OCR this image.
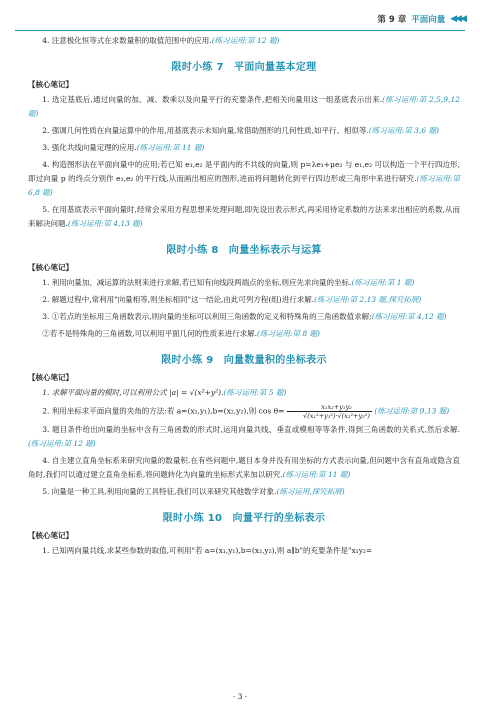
第 9 章 平面向量 ◀◀◀

4. 注意极化恒等式在求数量积的取值范围中的应用.(练习运用:第 12 题)

限时小练 7　平面向量基本定理
【核心笔记】

1. 选定基底后,通过向量的加、减、数乘以及向量平行的充要条件,把相关向量用这一组基底表示出来.(练习运用:第 2,5,9,12 题)

2. 强调几何性质在向量运算中的作用,用基底表示未知向量,常借助图形的几何性质,如平行、相似等.(练习运用:第 3,6 题)

3. 强化共线向量定理的应用.(练习运用:第 11 题)

4. 构造图形法在平面向量中的应用;若已知 e₁,e₂ 是平面内的不共线的向量,则 p=λe₁+μe₂ 与 e₁,e₂ 可以构造一个平行四边形,即过向量 p 的终点分别作 e₁,e₂ 的平行线,从而画出相应的图形,进而将问题转化到平行四边形或三角形中来进行研究.(练习运用:第 6,8 题)

5. 在用基底表示平面向量时,经常会采用方程思想来处理问题,即先设出表示形式,再采用待定系数的方法来求出相应的系数,从而来解决问题.(练习运用:第 4,13 题)

限时小练 8　向量坐标表示与运算
【核心笔记】

1. 利用向量加、减运算的法则来进行求解,若已知有向线段两端点的坐标,则应先求向量的坐标.(练习运用:第 1 题)

2. 解题过程中,常利用"向量相等,则坐标相同"这一结论,由此可列方程(组)进行求解.(练习运用:第 2,13 题,探究拓展)

3. ①若点的坐标用三角函数表示,则向量的坐标可以利用三角函数的定义和特殊角的三角函数值求解;(练习运用:第 4,12 题)

②若不是特殊角的三角函数,可以利用平面几何的性质来进行求解.(练习运用:第 8 题)

限时小练 9　向量数量积的坐标表示
【核心笔记】

1. 求解平面向量的模时,可以利用公式 |a| = √(x²+y²).(练习运用:第 5 题)

2. 利用坐标求平面向量的夹角的方法:若 a=(x₁,y₁),b=(x₂,y₂),则 $\cos \theta= \frac{\text{x₁x₂+y₁y₂}}{\text{√(x₁²+y₁²)·√(x₂²+y₂²)}}$ (练习运用:第 9,13 题)

3. 题目条件给出向量的坐标中含有三角函数的形式时,运用向量共线、垂直或模相等等条件,得到三角函数的关系式,然后求解.(练习运用:第 12 题)

4. 自主建立直角坐标系来研究向量的数量积.在有些问题中,题目本身并没有用坐标的方式表示向量,但问题中含有直角或隐含直角时,我们可以通过建立直角坐标系,将问题转化为向量的坐标形式来加以研究.(练习运用:第 11 题)

5. 向量是一种工具,利用向量的工具特征,我们可以来研究其他数学对象.(练习运用,探究拓展)

限时小练 10　向量平行的坐标表示
【核心笔记】

1. 已知两向量共线,求某些参数的取值,可利用"若 a=(x₁,y₁),b=(x₂,y₂),则 a∥b"的充要条件是"x₁y₂=

· 3 ·
